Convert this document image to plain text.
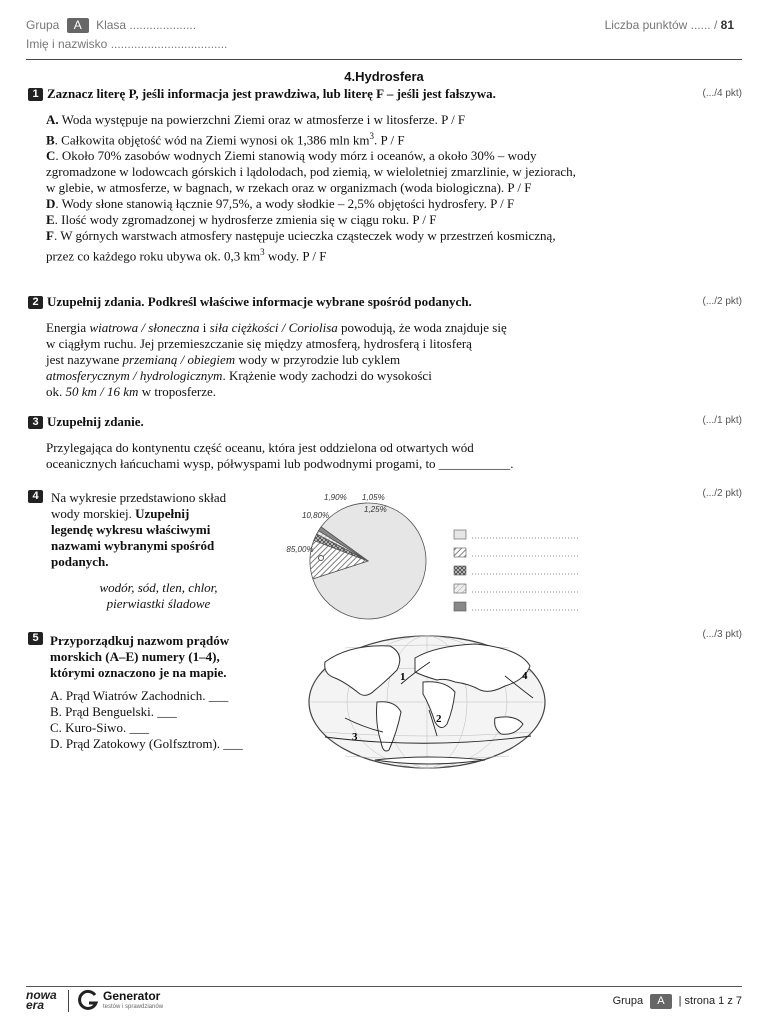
Grupa A Klasa ....................
Imię i nazwisko ...................................
Liczba punktów ...... / 81
4.Hydrosfera
1 Zaznacz literę P, jeśli informacja jest prawdziwa, lub literę F – jeśli jest fałszywa.	(.../4 pkt)
A. Woda występuje na powierzchni Ziemi oraz w atmosferze i w litosferze. P / F
B. Całkowita objętość wód na Ziemi wynosi ok 1,386 mln $km^3$. P / F
C. Około 70% zasobów wodnych Ziemi stanowią wody mórz i oceanów, a około 30% – wody zgromadzone w lodowcach górskich i lądolodach, pod ziemią, w wieloletniej zmarzlinie, w jeziorach, w glebie, w atmosferze, w bagnach, w rzekach oraz w organizmach (woda biologiczna). P / F
D. Wody słone stanowią łącznie 97,5%, a wody słodkie – 2,5% objętości hydrosfery. P / F
E. Ilość wody zgromadzonej w hydrosferze zmienia się w ciągu roku. P / F
F. W górnych warstwach atmosfery następuje ucieczka cząsteczek wody w przestrzeń kosmiczną, przez co każdego roku ubywa ok. 0,3 $km^3$ wody. P / F
2 Uzupełnij zdania. Podkreśl właściwe informacje wybrane spośród podanych.	(.../2 pkt)
Energia wiatrowa / słoneczna i siła ciężkości / Coriolisa powodują, że woda znajduje się
w ciągłym ruchu. Jej przemieszczanie się między atmosferą, hydrosferą i litosferą
jest nazywane przemianą / obiegiem wody w przyrodzie lub cyklem
atmosferycznym / hydrologicznym. Krążenie wody zachodzi do wysokości
ok. 50 km / 16 km w troposferze.
3 Uzupełnij zdanie.	(.../1 pkt)
Przylegająca do kontynentu część oceanu, która jest oddzielona od otwartych wód
oceanicznych łańcuchami wysp, półwyspami lub podwodnymi progami, to ___________.
4	(.../2 pkt)
Na wykresie przedstawiono skład
wody morskiej. Uzupełnij
legendę wykresu właściwymi
nazwami wybranymi spośród
podanych.
wodór, sód, tlen, chlor,
pierwiastki śladowe
85,00%
10,80%
1,90% 1,05%
1,25%
5	(.../3 pkt)
Przyporządkuj nazwom prądów
morskich (A–E) numery (1–4),
którymi oznaczono je na mapie.
A. Prąd Wiatrów Zachodnich. ___
B. Prąd Benguelski. ___
C. Kuro-Siwo. ___
D. Prąd Zatokowy (Golfsztrom). ___
1
2
3
4
nowa
era
Generator
testów i sprawdzianów	Grupa A | strona 1 z 7
